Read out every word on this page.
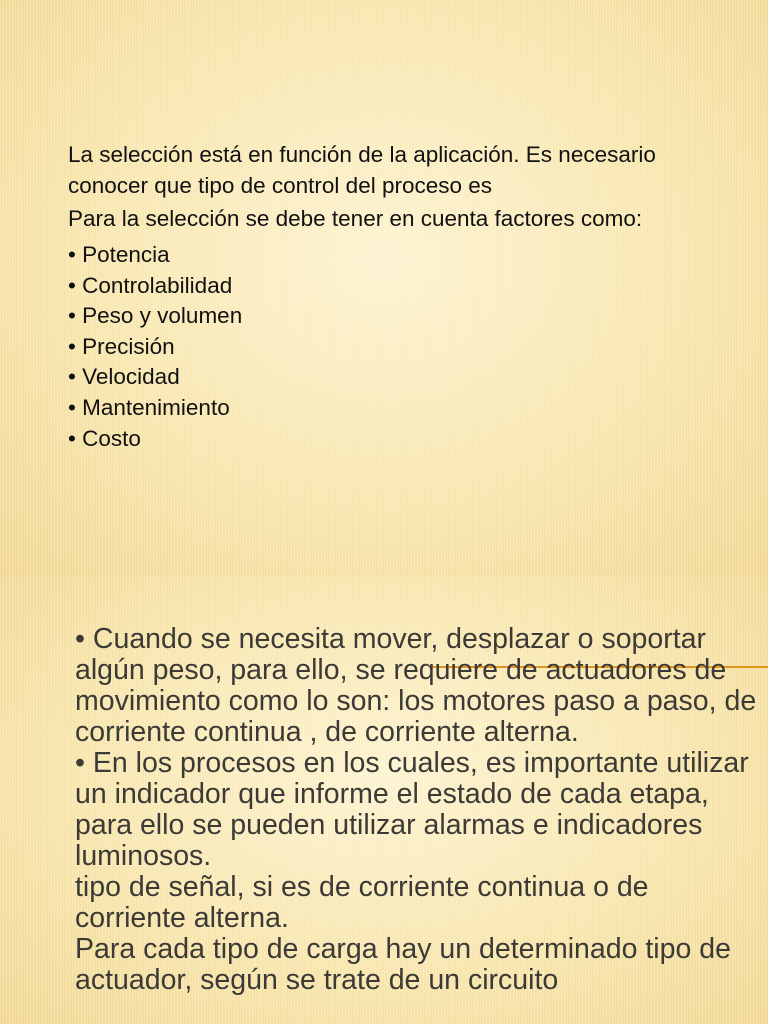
La selección está en función de la aplicación. Es necesario conocer que tipo de control del proceso es

Para la selección se debe tener en cuenta factores como:

• Potencia
• Controlabilidad
• Peso y volumen
• Precisión
• Velocidad
• Mantenimiento
• Costo

• Cuando se necesita mover, desplazar o soportar algún peso, para ello, se requiere de actuadores de movimiento como lo son: los motores paso a paso, de corriente continua , de corriente alterna.

• En los procesos en los cuales, es importante utilizar un indicador que informe el estado de cada etapa, para ello se pueden utilizar alarmas e indicadores luminosos.

tipo de señal, si es de corriente continua o de corriente alterna.

Para cada tipo de carga hay un determinado tipo de actuador, según se trate de un circuito
